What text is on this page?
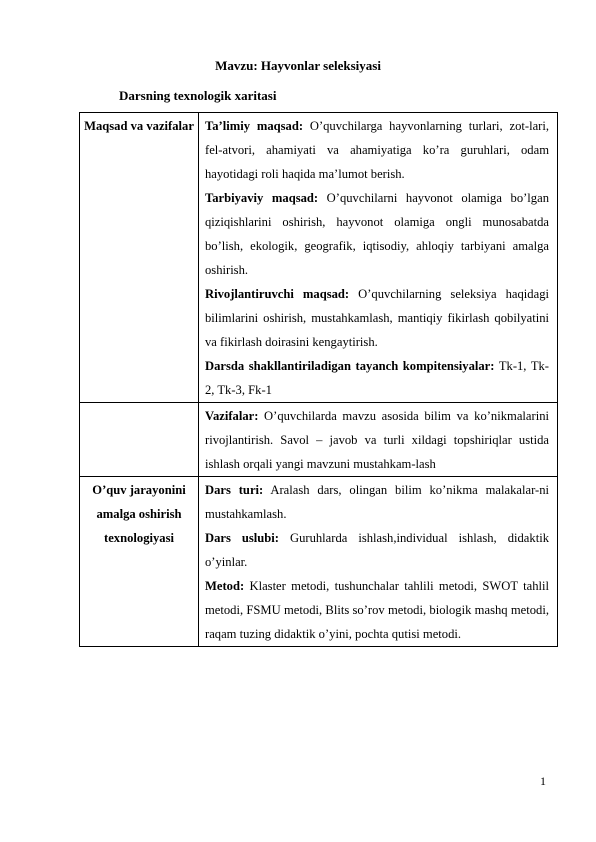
Mavzu: Hayvonlar seleksiyasi
Darsning texnologik xaritasi
Maqsad va vazifalar	Ta’limiy maqsad: O’quvchilarga hayvonlarning turlari, zot-lari, fel-atvori, ahamiyati va ahamiyatiga ko’ra guruhlari, odam hayotidagi roli haqida ma’lumot berish.
Tarbiyaviy maqsad: O’quvchilarni hayvonot olamiga bo’lgan qiziqishlarini oshirish, hayvonot olamiga ongli munosabatda bo’lish, ekologik, geografik, iqtisodiy, ahloqiy tarbiyani amalga oshirish.
Rivojlantiruvchi maqsad: O’quvchilarning seleksiya haqidagi bilimlarini oshirish, mustahkamlash, mantiqiy fikirlash qobilyatini va fikirlash doirasini kengaytirish.
Darsda shakllantiriladigan tayanch kompitensiyalar: Tk-1, Tk-2, Tk-3, Fk-1

	Vazifalar: O’quvchilarda mavzu asosida bilim va ko’nikmalarini rivojlantirish. Savol – javob va turli xildagi topshiriqlar ustida ishlash orqali yangi mavzuni mustahkam-lash

O’quv jarayonini amalga oshirish texnologiyasi	Dars turi: Aralash dars, olingan bilim ko’nikma malakalar-ni mustahkamlash.
Dars uslubi: Guruhlarda ishlash,individual ishlash, didaktik o’yinlar.
Metod: Klaster metodi, tushunchalar tahlili metodi, SWOT tahlil metodi, FSMU metodi, Blits so’rov metodi, biologik mashq metodi, raqam tuzing didaktik o’yini, pochta qutisi metodi.
1
